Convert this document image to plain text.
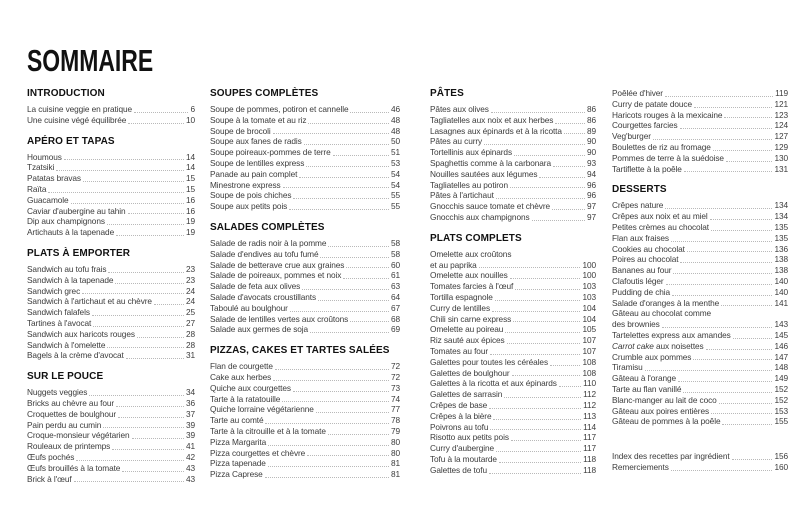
SOMMAIRE
INTRODUCTION
La cuisine veggie en pratique	6
Une cuisine végé équilibrée	10
APÉRO ET TAPAS
Houmous	14
Tzatsiki	14
Patatas bravas	15
Raïta	15
Guacamole	16
Caviar d'aubergine au tahin	16
Dip aux champignons	19
Artichauts à la tapenade	19
PLATS À EMPORTER
Sandwich au tofu frais	23
Sandwich à la tapenade	23
Sandwich grec	24
Sandwich à l'artichaut et au chèvre	24
Sandwich falafels	25
Tartines à l'avocat	27
Sandwich aux haricots rouges	28
Sandwich à l'omelette	28
Bagels à la crème d'avocat	31
SUR LE POUCE
Nuggets veggies	34
Bricks au chèvre au four	36
Croquettes de boulghour	37
Pain perdu au cumin	39
Croque-monsieur végétarien	39
Rouleaux de printemps	41
Œufs pochés	42
Œufs brouillés à la tomate	43
Brick à l'œuf	43
SOUPES COMPLÈTES
Soupe de pommes, potiron et cannelle	46
Soupe à la tomate et au riz	48
Soupe de brocoli	48
Soupe aux fanes de radis	50
Soupe poireaux-pommes de terre	51
Soupe de lentilles express	53
Panade au pain complet	54
Minestrone express	54
Soupe de pois chiches	55
Soupe aux petits pois	55
SALADES COMPLÈTES
Salade de radis noir à la pomme	58
Salade d'endives au tofu fumé	58
Salade de betterave crue aux graines	60
Salade de poireaux, pommes et noix	61
Salade de feta aux olives	63
Salade d'avocats croustillants	64
Taboulé au boulghour	67
Salade de lentilles vertes aux croûtons	68
Salade aux germes de soja	69
PIZZAS, CAKES ET TARTES SALÉES
Flan de courgette	72
Cake aux herbes	72
Quiche aux courgettes	73
Tarte à la ratatouille	74
Quiche lorraine végétarienne	77
Tarte au comté	78
Tarte à la citrouille et à la tomate	79
Pizza Margarita	80
Pizza courgettes et chèvre	80
Pizza tapenade	81
Pizza Caprese	81
PÂTES
Pâtes aux olives	86
Tagliatelles aux noix et aux herbes	86
Lasagnes aux épinards et à la ricotta	89
Pâtes au curry	90
Tortellinis aux épinards	90
Spaghettis comme à la carbonara	93
Nouilles sautées aux légumes	94
Tagliatelles au potiron	96
Pâtes à l'artichaut	96
Gnocchis sauce tomate et chèvre	97
Gnocchis aux champignons	97
PLATS COMPLETS
Omelette aux croûtons
et au paprika	100
Omelette aux nouilles	100
Tomates farcies à l'œuf	103
Tortilla espagnole	103
Curry de lentilles	104
Chili sin carne express	104
Omelette au poireau	105
Riz sauté aux épices	107
Tomates au four	107
Galettes pour toutes les céréales	108
Galettes de boulghour	108
Galettes à la ricotta et aux épinards	110
Galettes de sarrasin	112
Crêpes de base	112
Crêpes à la bière	113
Poivrons au tofu	114
Risotto aux petits pois	117
Curry d'aubergine	117
Tofu à la moutarde	118
Galettes de tofu	118
Poêlée d'hiver	119
Curry de patate douce	121
Haricots rouges à la mexicaine	123
Courgettes farcies	124
Veg'burger	127
Boulettes de riz au fromage	129
Pommes de terre à la suédoise	130
Tartiflette à la poêle	131
DESSERTS
Crêpes nature	134
Crêpes aux noix et au miel	134
Petites crèmes au chocolat	135
Flan aux fraises	135
Cookies au chocolat	136
Poires au chocolat	138
Bananes au four	138
Clafoutis léger	140
Pudding de chia	140
Salade d'oranges à la menthe	141
Gâteau au chocolat comme
des brownies	143
Tartelettes express aux amandes	145
Carrot cake aux noisettes	146
Crumble aux pommes	147
Tiramisu	148
Gâteau à l'orange	149
Tarte au flan vanillé	152
Blanc-manger au lait de coco	152
Gâteau aux poires entières	153
Gâteau de pommes à la poêle	155
Index des recettes par ingrédient	156
Remerciements	160
